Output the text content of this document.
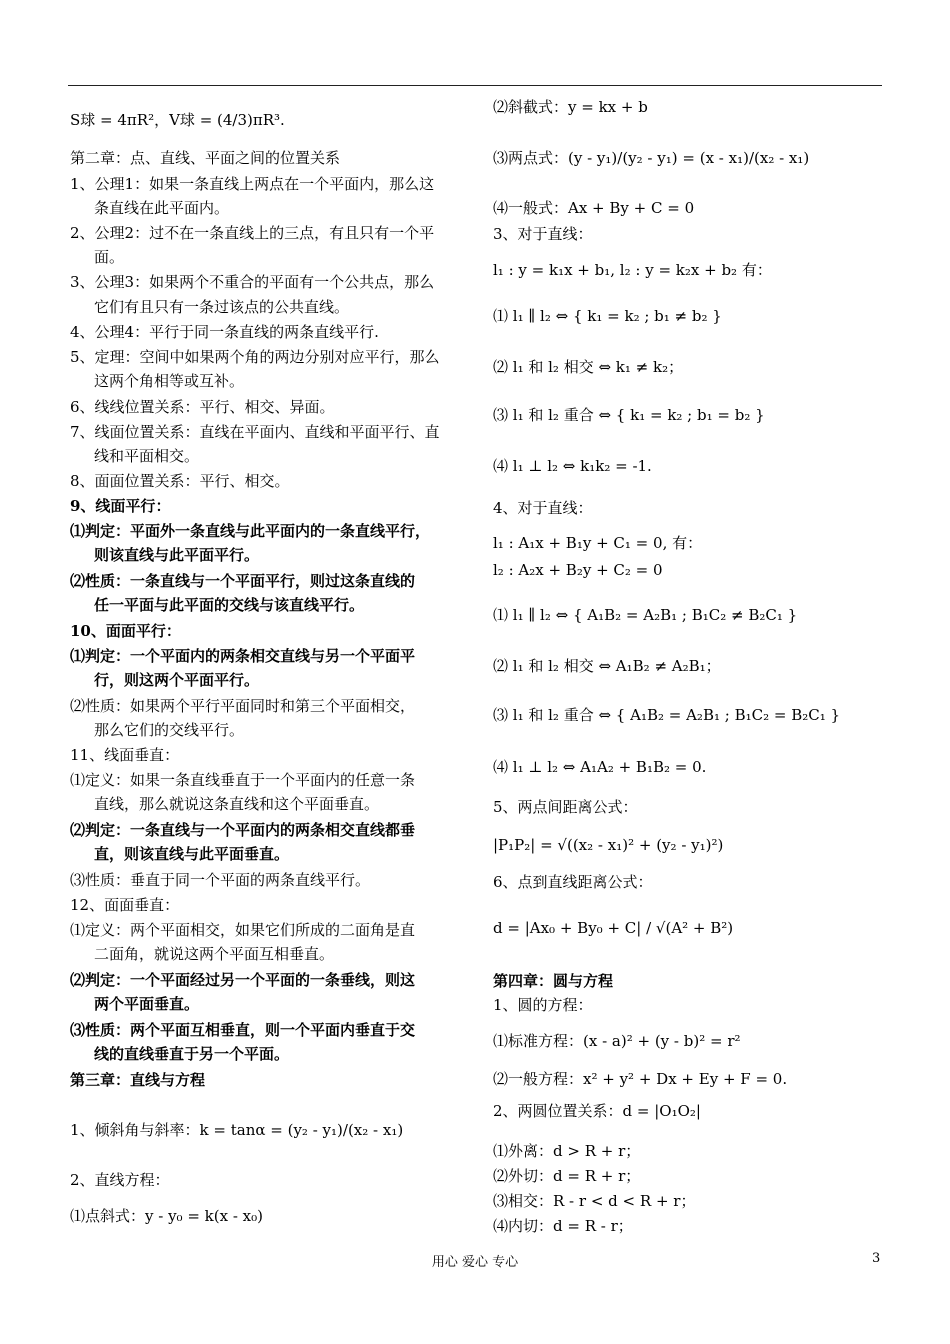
S球 = 4πR²，V球 = (4/3)πR³.
第二章：点、直线、平面之间的位置关系
1、公理1：如果一条直线上两点在一个平面内，那么这
条直线在此平面内。
2、公理2：过不在一条直线上的三点，有且只有一个平
面。
3、公理3：如果两个不重合的平面有一个公共点，那么
它们有且只有一条过该点的公共直线。
4、公理4：平行于同一条直线的两条直线平行.
5、定理：空间中如果两个角的两边分别对应平行，那么
这两个角相等或互补。
6、线线位置关系：平行、相交、异面。
7、线面位置关系：直线在平面内、直线和平面平行、直
线和平面相交。
8、面面位置关系：平行、相交。
9、线面平行：
⑴判定：平面外一条直线与此平面内的一条直线平行，
则该直线与此平面平行。
⑵性质：一条直线与一个平面平行，则过这条直线的
任一平面与此平面的交线与该直线平行。
10、面面平行：
⑴判定：一个平面内的两条相交直线与另一个平面平
行，则这两个平面平行。
⑵性质：如果两个平行平面同时和第三个平面相交，
那么它们的交线平行。
11、线面垂直：
⑴定义：如果一条直线垂直于一个平面内的任意一条
直线，那么就说这条直线和这个平面垂直。
⑵判定：一条直线与一个平面内的两条相交直线都垂
直，则该直线与此平面垂直。
⑶性质：垂直于同一个平面的两条直线平行。
12、面面垂直：
⑴定义：两个平面相交，如果它们所成的二面角是直
二面角，就说这两个平面互相垂直。
⑵判定：一个平面经过另一个平面的一条垂线，则这
两个平面垂直。
⑶性质：两个平面互相垂直，则一个平面内垂直于交
线的直线垂直于另一个平面。
第三章：直线与方程
1、倾斜角与斜率：k = tanα = (y₂ - y₁)/(x₂ - x₁)
2、直线方程：
⑴点斜式：y - y₀ = k(x - x₀)
⑵斜截式：y = kx + b
⑶两点式：(y - y₁)/(y₂ - y₁) = (x - x₁)/(x₂ - x₁)
⑷一般式：Ax + By + C = 0
3、对于直线：
l₁ : y = k₁x + b₁, l₂ : y = k₂x + b₂ 有：
⑴ l₁ ∥ l₂ ⇔ { k₁ = k₂ ; b₁ ≠ b₂ }
⑵ l₁ 和 l₂ 相交 ⇔ k₁ ≠ k₂；
⑶ l₁ 和 l₂ 重合 ⇔ { k₁ = k₂ ; b₁ = b₂ }
⑷ l₁ ⊥ l₂ ⇔ k₁k₂ = -1.
4、对于直线：
l₁ : A₁x + B₁y + C₁ = 0, 有：
l₂ : A₂x + B₂y + C₂ = 0
⑴ l₁ ∥ l₂ ⇔ { A₁B₂ = A₂B₁ ; B₁C₂ ≠ B₂C₁ }
⑵ l₁ 和 l₂ 相交 ⇔ A₁B₂ ≠ A₂B₁；
⑶ l₁ 和 l₂ 重合 ⇔ { A₁B₂ = A₂B₁ ; B₁C₂ = B₂C₁ }
⑷ l₁ ⊥ l₂ ⇔ A₁A₂ + B₁B₂ = 0.
5、两点间距离公式：
|P₁P₂| = √((x₂ - x₁)² + (y₂ - y₁)²)
6、点到直线距离公式：
d = |Ax₀ + By₀ + C| / √(A² + B²)
第四章：圆与方程
1、圆的方程：
⑴标准方程：(x - a)² + (y - b)² = r²
⑵一般方程：x² + y² + Dx + Ey + F = 0.
2、两圆位置关系：d = |O₁O₂|
⑴外离：d > R + r；
⑵外切：d = R + r；
⑶相交：R - r < d < R + r；
⑷内切：d = R - r；
用心 爱心 专心	3
